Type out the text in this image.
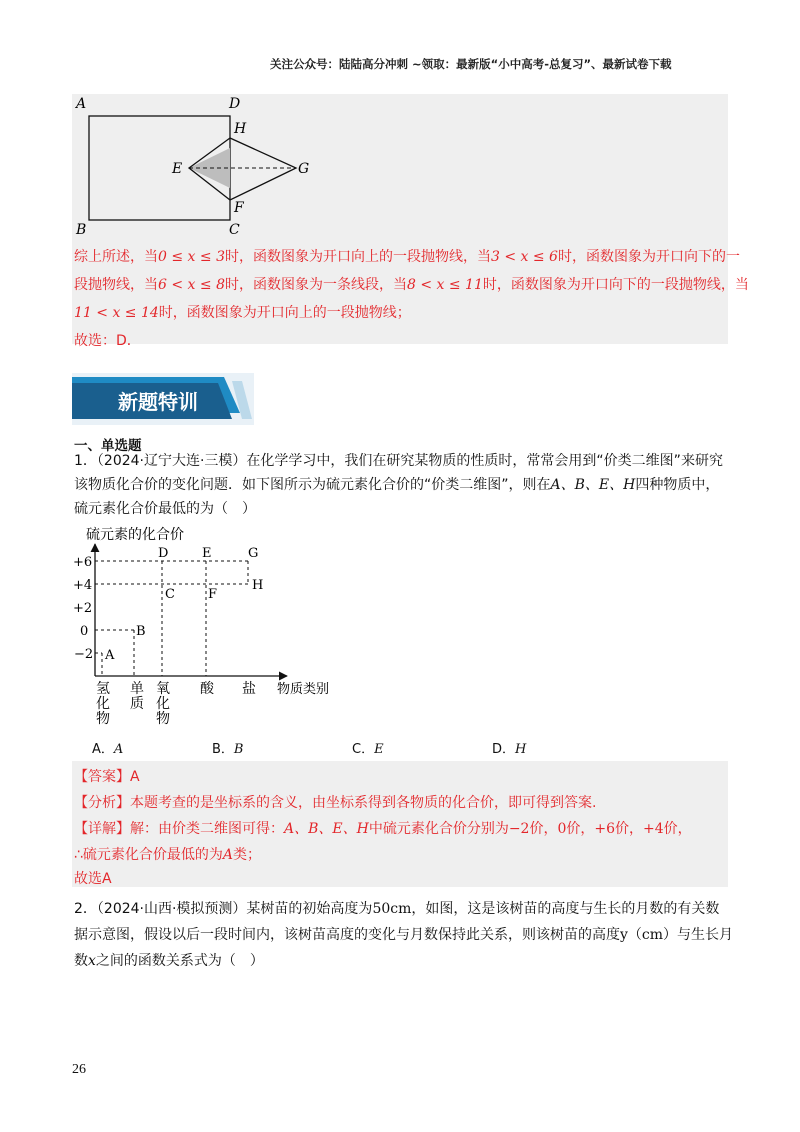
关注公众号：陆陆高分冲刺 ~领取：最新版“小中高考-总复习”、最新试卷下载
A	D
H
E	G
F
B	C
综上所述，当0 ≤ x ≤ 3时，函数图象为开口向上的一段抛物线，当3 < x ≤ 6时，函数图象为开口向下的一
段抛物线，当6 < x ≤ 8时，函数图象为一条线段，当8 < x ≤ 11时，函数图象为开口向下的一段抛物线，当
11 < x ≤ 14时，函数图象为开口向上的一段抛物线；
故选：D．
新题特训
一、单选题
1．（2024·辽宁大连·三模）在化学学习中，我们在研究某物质的性质时，常常会用到“价类二维图”来研究
该物质化合价的变化问题．如下图所示为硫元素化合价的“价类二维图”，则在A、B、E、H四种物质中，
硫元素化合价最低的为（　）
硫元素的化合价
物质类别
+6
+4
+2
0
−2 A
B
C
D	E
F
G
H
氢化物
单质
氧化物
酸 盐
A．A	B．B	C．E	D．H
【答案】A
【分析】本题考查的是坐标系的含义，由坐标系得到各物质的化合价，即可得到答案.
【详解】解：由价类二维图可得：A、B、E、H中硫元素化合价分别为−2价，0价，+6价，+4价，
∴硫元素化合价最低的为A类；
故选A
2．（2024·山西·模拟预测）某树苗的初始高度为50cm，如图，这是该树苗的高度与生长的月数的有关数
据示意图，假设以后一段时间内，该树苗高度的变化与月数保持此关系，则该树苗的高度y（cm）与生长月
数x之间的函数关系式为（　）
26
